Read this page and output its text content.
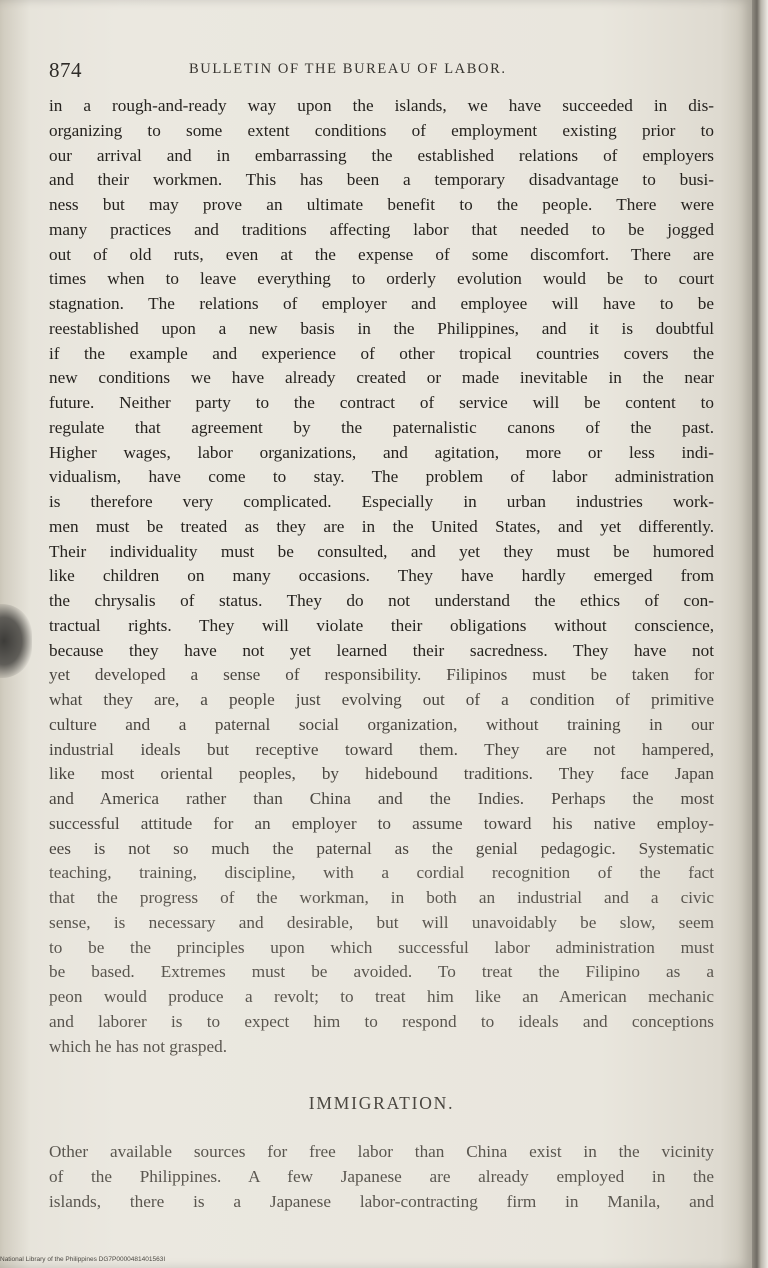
874	BULLETIN OF THE BUREAU OF LABOR.
in a rough-and-ready way upon the islands, we have succeeded in dis-
organizing to some extent conditions of employment existing prior to
our arrival and in embarrassing the established relations of employers
and their workmen. This has been a temporary disadvantage to busi-
ness but may prove an ultimate benefit to the people. There were
many practices and traditions affecting labor that needed to be jogged
out of old ruts, even at the expense of some discomfort. There are
times when to leave everything to orderly evolution would be to court
stagnation. The relations of employer and employee will have to be
reestablished upon a new basis in the Philippines, and it is doubtful
if the example and experience of other tropical countries covers the
new conditions we have already created or made inevitable in the near
future. Neither party to the contract of service will be content to
regulate that agreement by the paternalistic canons of the past.
Higher wages, labor organizations, and agitation, more or less indi-
vidualism, have come to stay. The problem of labor administration
is therefore very complicated. Especially in urban industries work-
men must be treated as they are in the United States, and yet differently.
Their individuality must be consulted, and yet they must be humored
like children on many occasions. They have hardly emerged from
the chrysalis of status. They do not understand the ethics of con-
tractual rights. They will violate their obligations without conscience,
because they have not yet learned their sacredness. They have not
yet developed a sense of responsibility. Filipinos must be taken for
what they are, a people just evolving out of a condition of primitive
culture and a paternal social organization, without training in our
industrial ideals but receptive toward them. They are not hampered,
like most oriental peoples, by hidebound traditions. They face Japan
and America rather than China and the Indies. Perhaps the most
successful attitude for an employer to assume toward his native employ-
ees is not so much the paternal as the genial pedagogic. Systematic
teaching, training, discipline, with a cordial recognition of the fact
that the progress of the workman, in both an industrial and a civic
sense, is necessary and desirable, but will unavoidably be slow, seem
to be the principles upon which successful labor administration must
be based. Extremes must be avoided. To treat the Filipino as a
peon would produce a revolt; to treat him like an American mechanic
and laborer is to expect him to respond to ideals and conceptions
which he has not grasped.
IMMIGRATION.
Other available sources for free labor than China exist in the vicinity
of the Philippines. A few Japanese are already employed in the
islands, there is a Japanese labor-contracting firm in Manila, and
National Library of the Philippines DG7P0000481401563I
